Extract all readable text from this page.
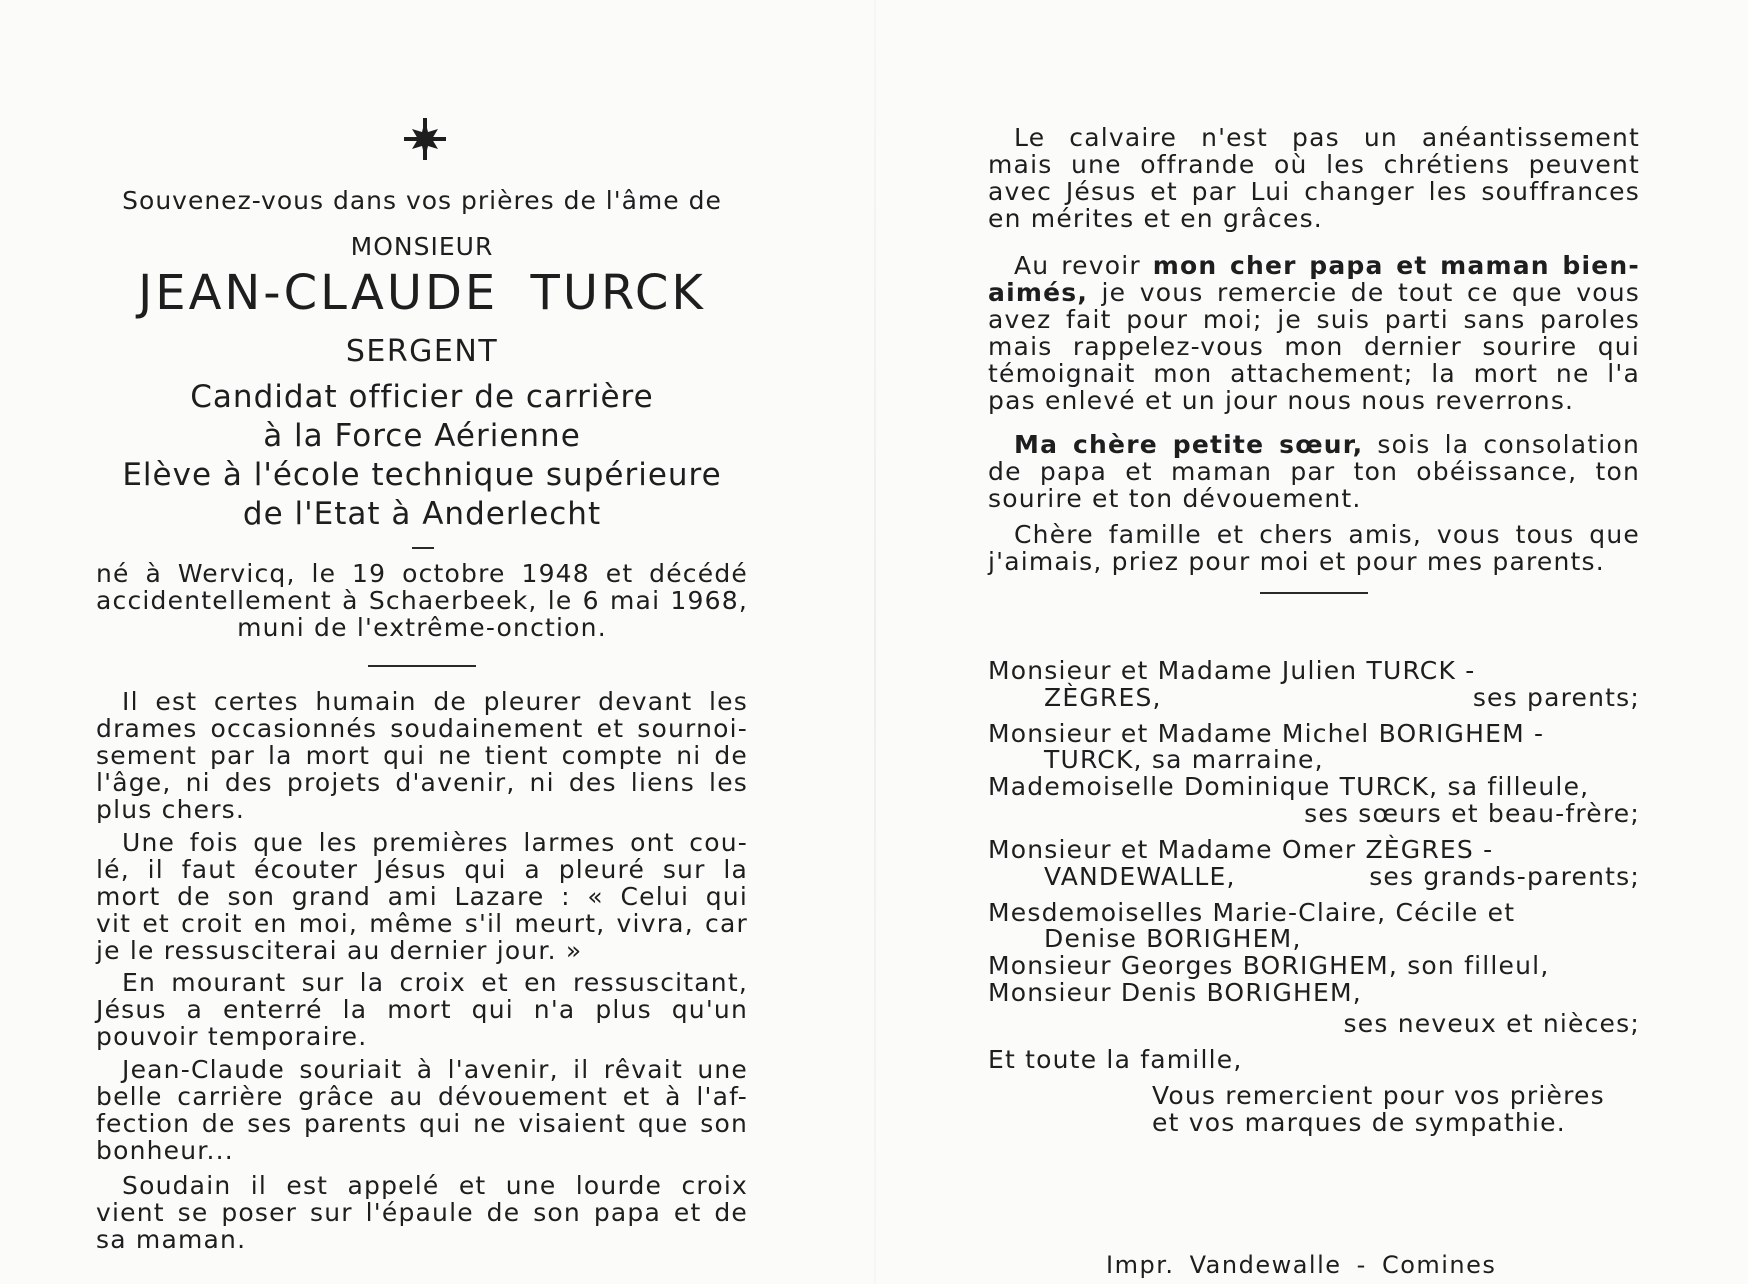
Souvenez-vous dans vos prières de l'âme de
MONSIEUR
JEAN-CLAUDE TURCK
SERGENT
Candidat officier de carrière
à la Force Aérienne
Elève à l'école technique supérieure
de l'Etat à Anderlecht
né à Wervicq, le 19 octobre 1948 et décédé
accidentellement à Schaerbeek, le 6 mai 1968,
muni de l'extrême-onction.
Il est certes humain de pleurer devant les
drames occasionnés soudainement et sournoi-
sement par la mort qui ne tient compte ni de
l'âge, ni des projets d'avenir, ni des liens les
plus chers.
Une fois que les premières larmes ont cou-
lé, il faut écouter Jésus qui a pleuré sur la
mort de son grand ami Lazare : « Celui qui
vit et croit en moi, même s'il meurt, vivra, car
je le ressusciterai au dernier jour. »
En mourant sur la croix et en ressuscitant,
Jésus a enterré la mort qui n'a plus qu'un
pouvoir temporaire.
Jean-Claude souriait à l'avenir, il rêvait une
belle carrière grâce au dévouement et à l'af-
fection de ses parents qui ne visaient que son
bonheur...
Soudain il est appelé et une lourde croix
vient se poser sur l'épaule de son papa et de
sa maman.
Le calvaire n'est pas un anéantissement
mais une offrande où les chrétiens peuvent
avec Jésus et par Lui changer les souffrances
en mérites et en grâces.
Au revoir mon cher papa et maman bien-
aimés, je vous remercie de tout ce que vous
avez fait pour moi; je suis parti sans paroles
mais rappelez-vous mon dernier sourire qui
témoignait mon attachement; la mort ne l'a
pas enlevé et un jour nous nous reverrons.
Ma chère petite sœur, sois la consolation
de papa et maman par ton obéissance, ton
sourire et ton dévouement.
Chère famille et chers amis, vous tous que
j'aimais, priez pour moi et pour mes parents.
Monsieur et Madame Julien TURCK -
ZÈGRES,	ses parents;
Monsieur et Madame Michel BORIGHEM -
TURCK, sa marraine,
Mademoiselle Dominique TURCK, sa filleule,
ses sœurs et beau-frère;
Monsieur et Madame Omer ZÈGRES -
VANDEWALLE,	ses grands-parents;
Mesdemoiselles Marie-Claire, Cécile et
Denise BORIGHEM,
Monsieur Georges BORIGHEM, son filleul,
Monsieur Denis BORIGHEM,
ses neveux et nièces;
Et toute la famille,
Vous remercient pour vos prières
et vos marques de sympathie.
Impr. Vandewalle - Comines
